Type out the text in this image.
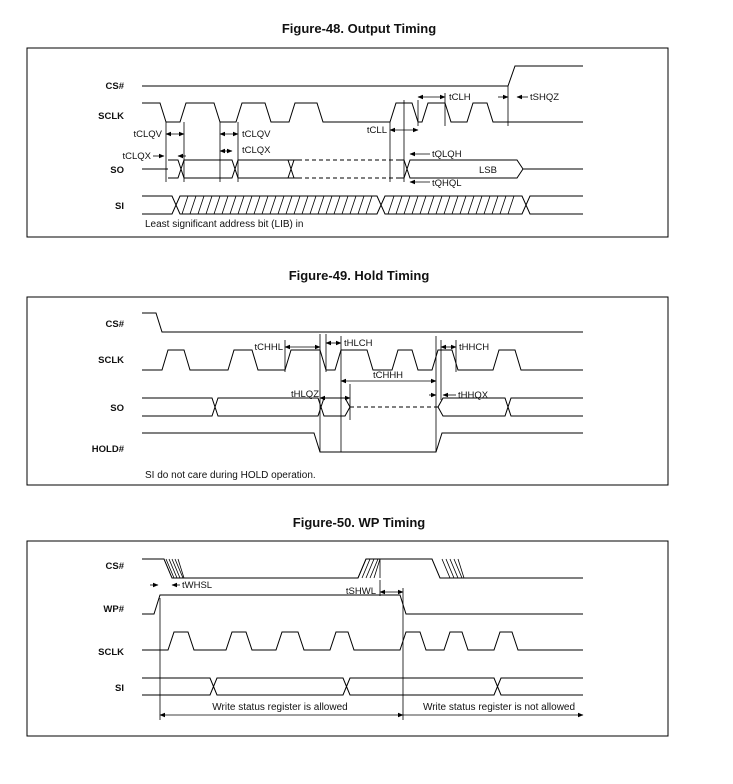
Figure-48. Output Timing
CS#
SCLK
SO
SI
LSB
Least significant address bit (LIB) in
tCLQV
tCLQX
tCLQV
tCLQX
tCLL
tCLH	tSHQZ
tQLQH
tQHQL
Figure-49. Hold Timing
CS#
SCLK
SO
HOLD#
SI do not care during HOLD operation.
tCHHL	tHLCH	tHHCH
tCHHH
tHLQZ	tHHQX
Figure-50. WP Timing
CS#
WP#
SCLK
SI
tWHSL
tSHWL
Write status register is allowed	Write status register is not allowed
